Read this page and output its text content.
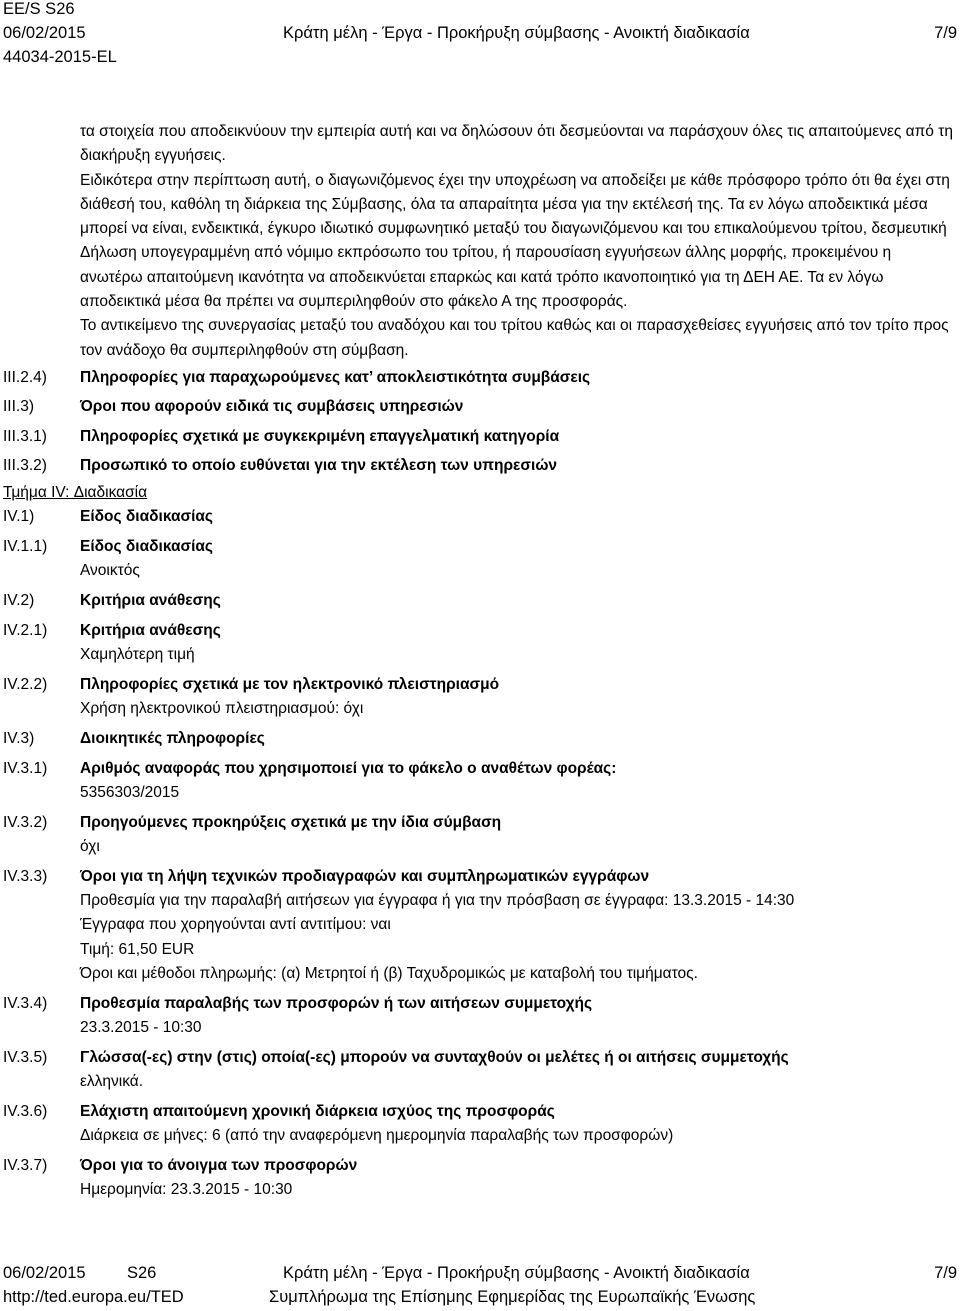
EE/S S26
06/02/2015
44034-2015-EL
Κράτη μέλη - Έργα - Προκήρυξη σύμβασης - Ανοικτή διαδικασία	7/9
τα στοιχεία που αποδεικνύουν την εμπειρία αυτή και να δηλώσουν ότι δεσμεύονται να παράσχουν όλες τις απαιτούμενες από τη διακήρυξη εγγυήσεις.
Ειδικότερα στην περίπτωση αυτή, ο διαγωνιζόμενος έχει την υποχρέωση να αποδείξει με κάθε πρόσφορο τρόπο ότι θα έχει στη διάθεσή του, καθόλη τη διάρκεια της Σύμβασης, όλα τα απαραίτητα μέσα για την εκτέλεσή της. Τα εν λόγω αποδεικτικά μέσα μπορεί να είναι, ενδεικτικά, έγκυρο ιδιωτικό συμφωνητικό μεταξύ του διαγωνιζόμενου και του επικαλούμενου τρίτου, δεσμευτική Δήλωση υπογεγραμμένη από νόμιμο εκπρόσωπο του τρίτου, ή παρουσίαση εγγυήσεων άλλης μορφής, προκειμένου η ανωτέρω απαιτούμενη ικανότητα να αποδεικνύεται επαρκώς και κατά τρόπο ικανοποιητικό για τη ΔΕΗ ΑΕ. Τα εν λόγω αποδεικτικά μέσα θα πρέπει να συμπεριληφθούν στο φάκελο Α της προσφοράς.
Το αντικείμενο της συνεργασίας μεταξύ του αναδόχου και του τρίτου καθώς και οι παρασχεθείσες εγγυήσεις από τον τρίτο προς τον ανάδοχο θα συμπεριληφθούν στη σύμβαση.
III.2.4) Πληροφορίες για παραχωρούμενες κατ’ αποκλειστικότητα συμβάσεις
III.3)	Όροι που αφορούν ειδικά τις συμβάσεις υπηρεσιών
III.3.1) Πληροφορίες σχετικά με συγκεκριμένη επαγγελματική κατηγορία
III.3.2) Προσωπικό το οποίο ευθύνεται για την εκτέλεση των υπηρεσιών
Τμήμα IV: Διαδικασία
IV.1)	Είδος διαδικασίας
IV.1.1) Είδος διαδικασίας
Ανοικτός
IV.2)	Κριτήρια ανάθεσης
IV.2.1) Κριτήρια ανάθεσης
Χαμηλότερη τιμή
IV.2.2) Πληροφορίες σχετικά με τον ηλεκτρονικό πλειστηριασμό
Χρήση ηλεκτρονικού πλειστηριασμού: όχι
IV.3)	Διοικητικές πληροφορίες
IV.3.1) Αριθμός αναφοράς που χρησιμοποιεί για το φάκελο ο αναθέτων φορέας:
5356303/2015
IV.3.2) Προηγούμενες προκηρύξεις σχετικά με την ίδια σύμβαση
όχι
IV.3.3) Όροι για τη λήψη τεχνικών προδιαγραφών και συμπληρωματικών εγγράφων
Προθεσμία για την παραλαβή αιτήσεων για έγγραφα ή για την πρόσβαση σε έγγραφα: 13.3.2015 - 14:30
Έγγραφα που χορηγούνται αντί αντιτίμου: ναι
Τιμή: 61,50 EUR
Όροι και μέθοδοι πληρωμής: (α) Μετρητοί ή (β) Ταχυδρομικώς με καταβολή του τιμήματος.
IV.3.4) Προθεσμία παραλαβής των προσφορών ή των αιτήσεων συμμετοχής
23.3.2015 - 10:30
IV.3.5) Γλώσσα(-ες) στην (στις) οποία(-ες) μπορούν να συνταχθούν οι μελέτες ή οι αιτήσεις συμμετοχής
ελληνικά.
IV.3.6) Ελάχιστη απαιτούμενη χρονική διάρκεια ισχύος της προσφοράς
Διάρκεια σε μήνες: 6 (από την αναφερόμενη ημερομηνία παραλαβής των προσφορών)
IV.3.7) Όροι για το άνοιγμα των προσφορών
Ημερομηνία: 23.3.2015 - 10:30
06/02/2015	S26
http://ted.europa.eu/TED
Κράτη μέλη - Έργα - Προκήρυξη σύμβασης - Ανοικτή διαδικασία
Συμπλήρωμα της Επίσημης Εφημερίδας της Ευρωπαϊκής Ένωσης
7/9
